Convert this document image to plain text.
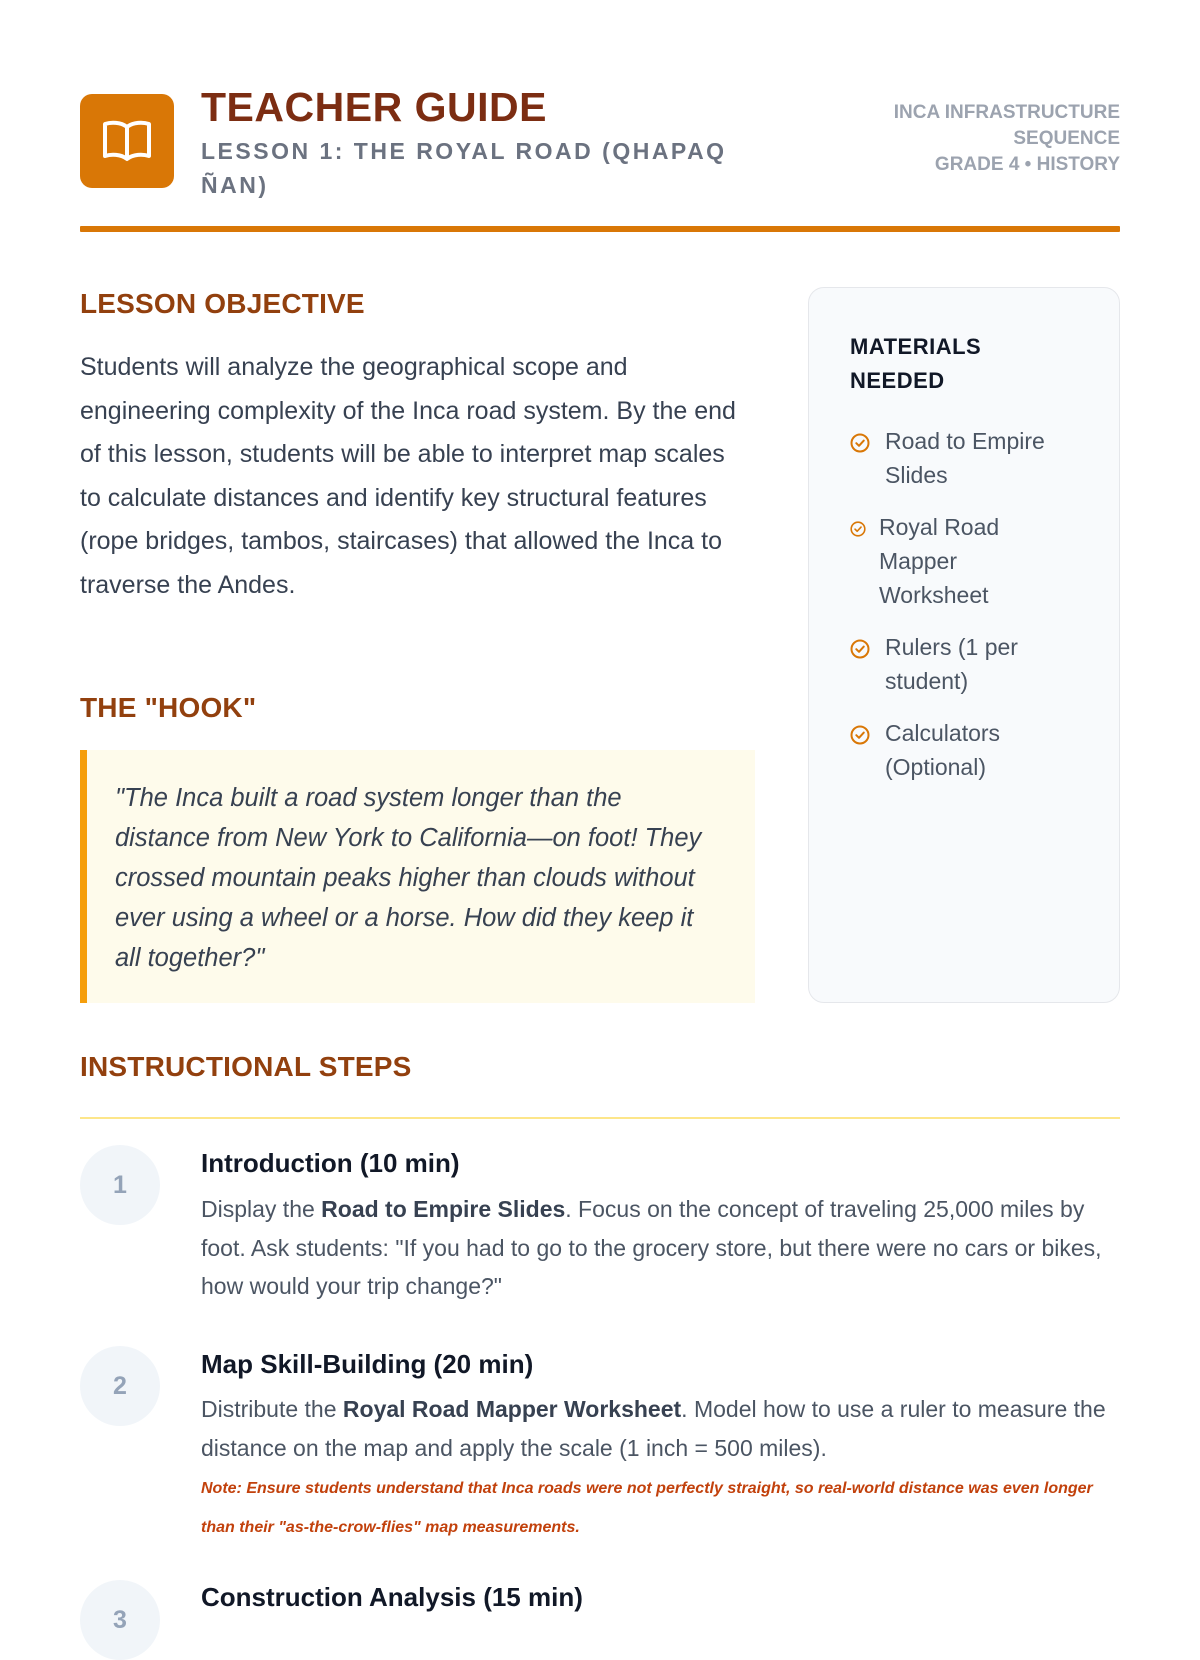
TEACHER GUIDE
LESSON 1: THE ROYAL ROAD (QHAPAQ ÑAN)
INCA INFRASTRUCTURE
SEQUENCE
GRADE 4 • HISTORY
LESSON OBJECTIVE
Students will analyze the geographical scope and engineering complexity of the Inca road system. By the end of this lesson, students will be able to interpret map scales to calculate distances and identify key structural features (rope bridges, tambos, staircases) that allowed the Inca to traverse the Andes.
THE "HOOK"
"The Inca built a road system longer than the distance from New York to California—on foot! They crossed mountain peaks higher than clouds without ever using a wheel or a horse. How did they keep it all together?"
MATERIALS NEEDED
Road to Empire Slides
Royal Road Mapper Worksheet
Rulers (1 per student)
Calculators (Optional)
INSTRUCTIONAL STEPS
1
Introduction (10 min)
Display the Road to Empire Slides. Focus on the concept of traveling 25,000 miles by foot. Ask students: "If you had to go to the grocery store, but there were no cars or bikes, how would your trip change?"
2
Map Skill-Building (20 min)
Distribute the Royal Road Mapper Worksheet. Model how to use a ruler to measure the distance on the map and apply the scale (1 inch = 500 miles).
Note: Ensure students understand that Inca roads were not perfectly straight, so real-world distance was even longer than their "as-the-crow-flies" map measurements.
3
Construction Analysis (15 min)
